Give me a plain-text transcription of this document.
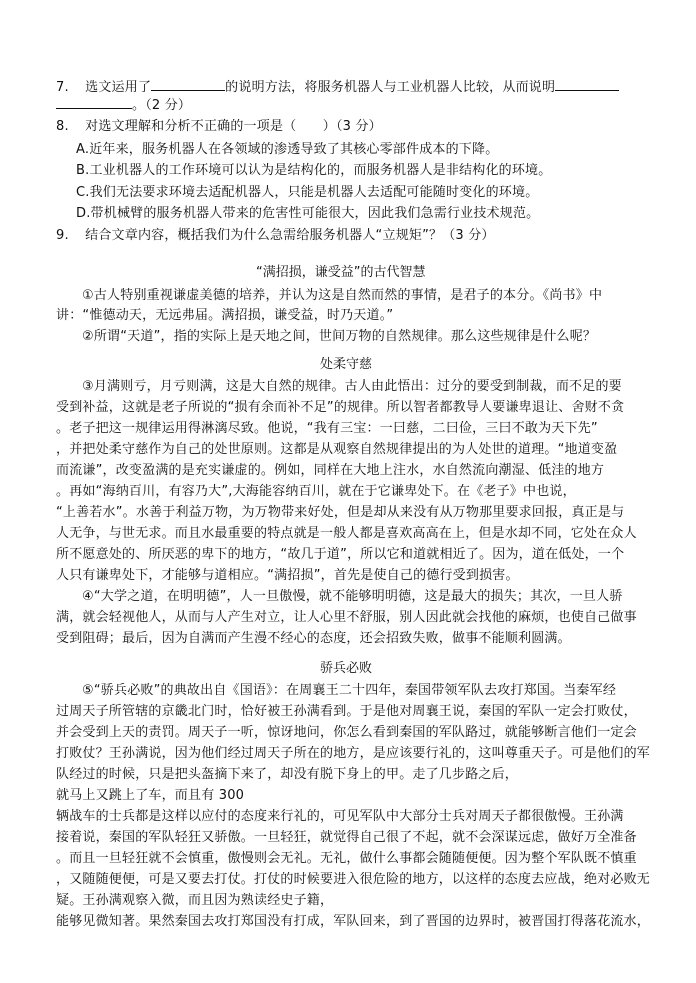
7. 选文运用了	的说明方法，将服务机器人与工业机器人比较，从而说明
。（2 分）
8. 对选文理解和分析不正确的一项是（　　）（3 分）
A.近年来，服务机器人在各领域的渗透导致了其核心零部件成本的下降。
B.工业机器人的工作环境可以认为是结构化的，而服务机器人是非结构化的环境。
C.我们无法要求环境去适配机器人，只能是机器人去适配可能随时变化的环境。
D.带机械臂的服务机器人带来的危害性可能很大，因此我们急需行业技术规范。
9. 结合文章内容，概括我们为什么急需给服务机器人“立规矩”？（3 分）
“满招损，谦受益”的古代智慧
①古人特别重视谦虚美德的培养，并认为这是自然而然的事情，是君子的本分。《尚书》中
讲：“惟德动天，无远弗届。满招损，谦受益，时乃天道。”
②所谓“天道”，指的实际上是天地之间，世间万物的自然规律。那么这些规律是什么呢？
处柔守慈
③月满则亏，月亏则满，这是大自然的规律。古人由此悟出：过分的要受到制裁，而不足的要
受到补益，这就是老子所说的“损有余而补不足”的规律。所以智者都教导人要谦卑退让、舍财不贪
。老子把这一规律运用得淋漓尽致。他说，“我有三宝：一曰慈，二曰俭，三曰不敢为天下先”
，并把处柔守慈作为自己的处世原则。这都是从观察自然规律提出的为人处世的道理。“地道变盈
而流谦”，改变盈满的是充实谦虚的。例如，同样在大地上注水，水自然流向潮湿、低洼的地方
。再如“海纳百川，有容乃大”,大海能容纳百川，就在于它谦卑处下。在《老子》中也说，
“上善若水”。水善于利益万物，为万物带来好处，但是却从来没有从万物那里要求回报，真正是与
人无争，与世无求。而且水最重要的特点就是一般人都是喜欢高高在上，但是水却不同，它处在众人
所不愿意处的、所厌恶的卑下的地方，“故几于道”，所以它和道就相近了。因为，道在低处，一个
人只有谦卑处下，才能够与道相应。“满招损”，首先是使自己的德行受到损害。
④“大学之道，在明明德”，人一旦傲慢，就不能够明明德，这是最大的损失；其次，一旦人骄
满，就会轻视他人，从而与人产生对立，让人心里不舒服，别人因此就会找他的麻烦，也使自己做事
受到阻碍；最后，因为自满而产生漫不经心的态度，还会招致失败，做事不能顺利圆满。
骄兵必败
⑤“骄兵必败”的典故出自《国语》：在周襄王二十四年，秦国带领军队去攻打郑国。当秦军经
过周天子所管辖的京畿北门时，恰好被王孙满看到。于是他对周襄王说，秦国的军队一定会打败仗，
并会受到上天的责罚。周天子一听，惊讶地问，你怎么看到秦国的军队路过，就能够断言他们一定会
打败仗？王孙满说，因为他们经过周天子所在的地方，是应该要行礼的，这叫尊重天子。可是他们的军
队经过的时候，只是把头盔摘下来了，却没有脱下身上的甲。走了几步路之后，
就马上又跳上了车，而且有 300
辆战车的士兵都是这样以应付的态度来行礼的，可见军队中大部分士兵对周天子都很傲慢。王孙满
接着说，秦国的军队轻狂又骄傲。一旦轻狂，就觉得自己很了不起，就不会深谋远虑，做好万全准备
。而且一旦轻狂就不会慎重，傲慢则会无礼。无礼，做什么事都会随随便便。因为整个军队既不慎重
，又随随便便，可是又要去打仗。打仗的时候要进入很危险的地方，以这样的态度去应战，绝对必败无
疑。王孙满观察入微，而且因为熟读经史子籍，
能够见微知著。果然秦国去攻打郑国没有打成，军队回来，到了晋国的边界时，被晋国打得落花流水，
